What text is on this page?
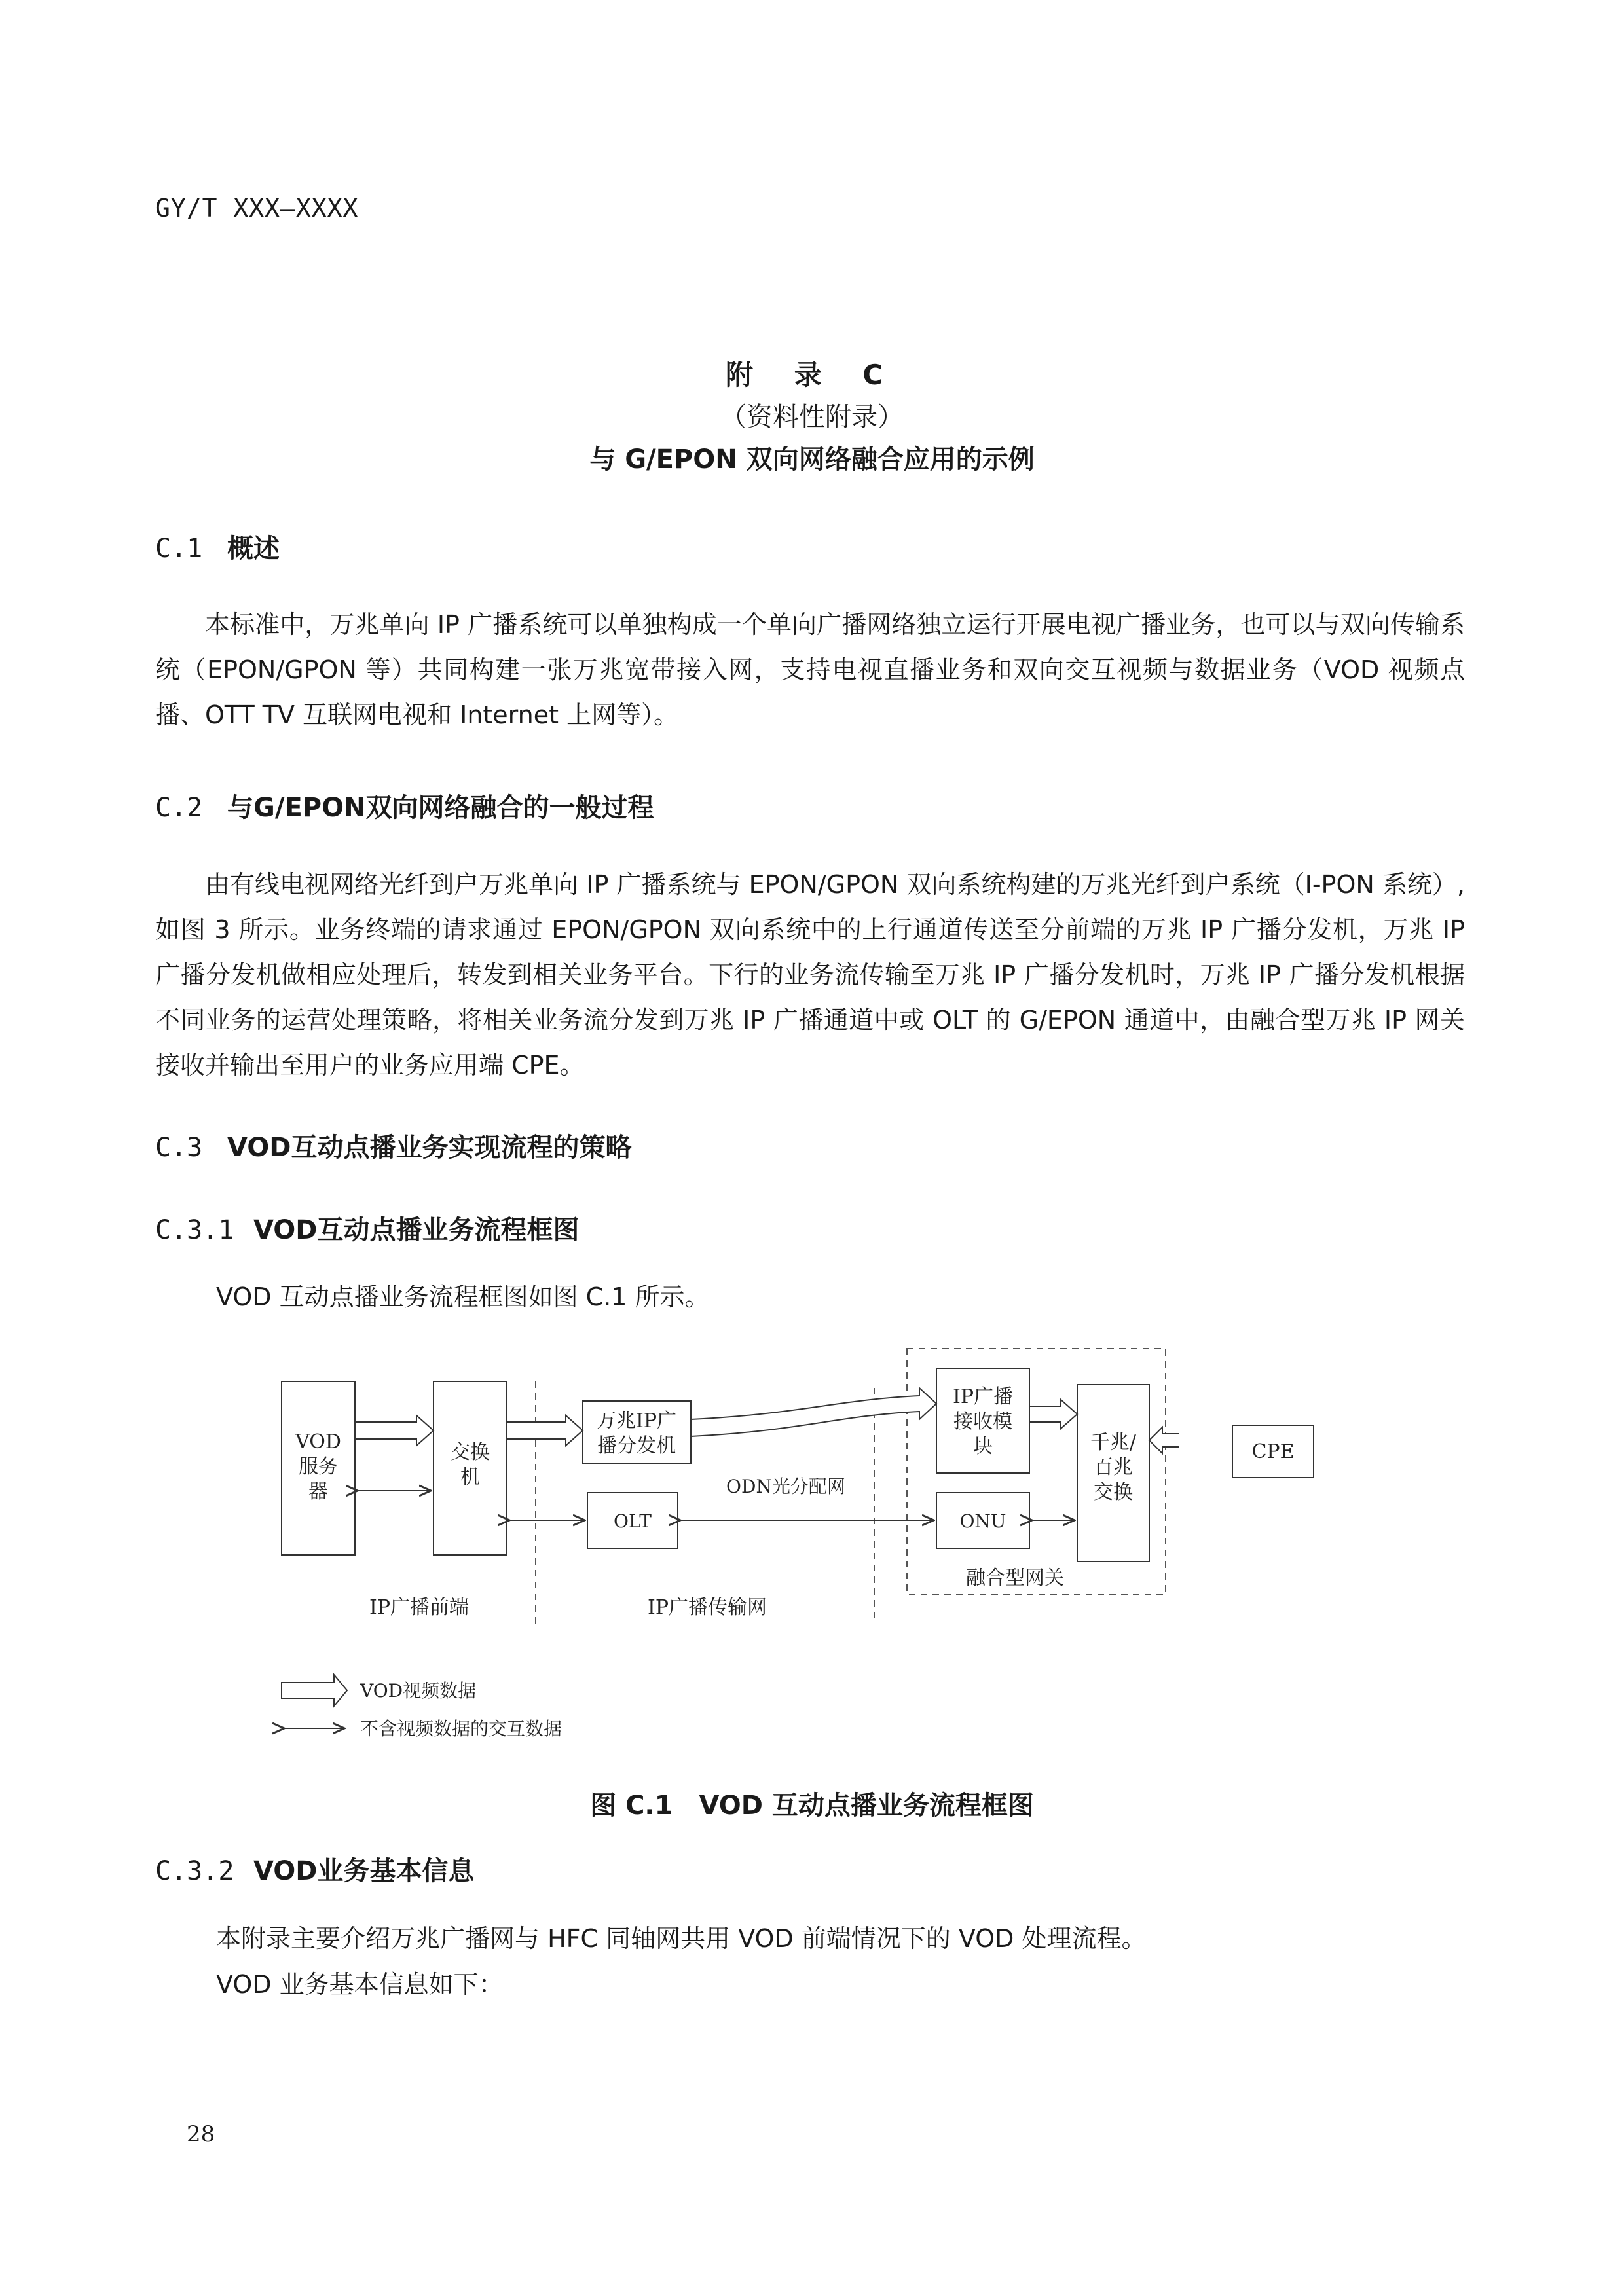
GY/T XXX—XXXX
附 录 C
（资料性附录）
与 G/EPON 双向网络融合应用的示例
C.1 概述

本标准中，万兆单向 IP 广播系统可以单独构成一个单向广播网络独立运行开展电视广播业务，也可以与双向传输系统（EPON/GPON 等）共同构建一张万兆宽带接入网，支持电视直播业务和双向交互视频与数据业务（VOD 视频点播、OTT TV 互联网电视和 Internet 上网等）。

C.2 与G/EPON双向网络融合的一般过程

由有线电视网络光纤到户万兆单向 IP 广播系统与 EPON/GPON 双向系统构建的万兆光纤到户系统（I-PON 系统）,如图 3 所示。业务终端的请求通过 EPON/GPON 双向系统中的上行通道传送至分前端的万兆 IP 广播分发机，万兆 IP 广播分发机做相应处理后，转发到相关业务平台。下行的业务流传输至万兆 IP 广播分发机时，万兆 IP 广播分发机根据不同业务的运营处理策略，将相关业务流分发到万兆 IP 广播通道中或 OLT 的 G/EPON 通道中，由融合型万兆 IP 网关接收并输出至用户的业务应用端 CPE。

C.3 VOD互动点播业务实现流程的策略
C.3.1 VOD互动点播业务流程框图
VOD 互动点播业务流程框图如图 C.1 所示。
VOD
服务
器
交换
机
万兆IP广
播分发机
OLT
IP广播
接收模
块
ONU
千兆/
百兆
交换
ODN光分配网
融合型网关
IP广播前端	IP广播传输网
VOD视频数据
不含视频数据的交互数据
CPE
图 C.1　VOD 互动点播业务流程框图
C.3.2 VOD业务基本信息
本附录主要介绍万兆广播网与 HFC 同轴网共用 VOD 前端情况下的 VOD 处理流程。
VOD 业务基本信息如下：
28
